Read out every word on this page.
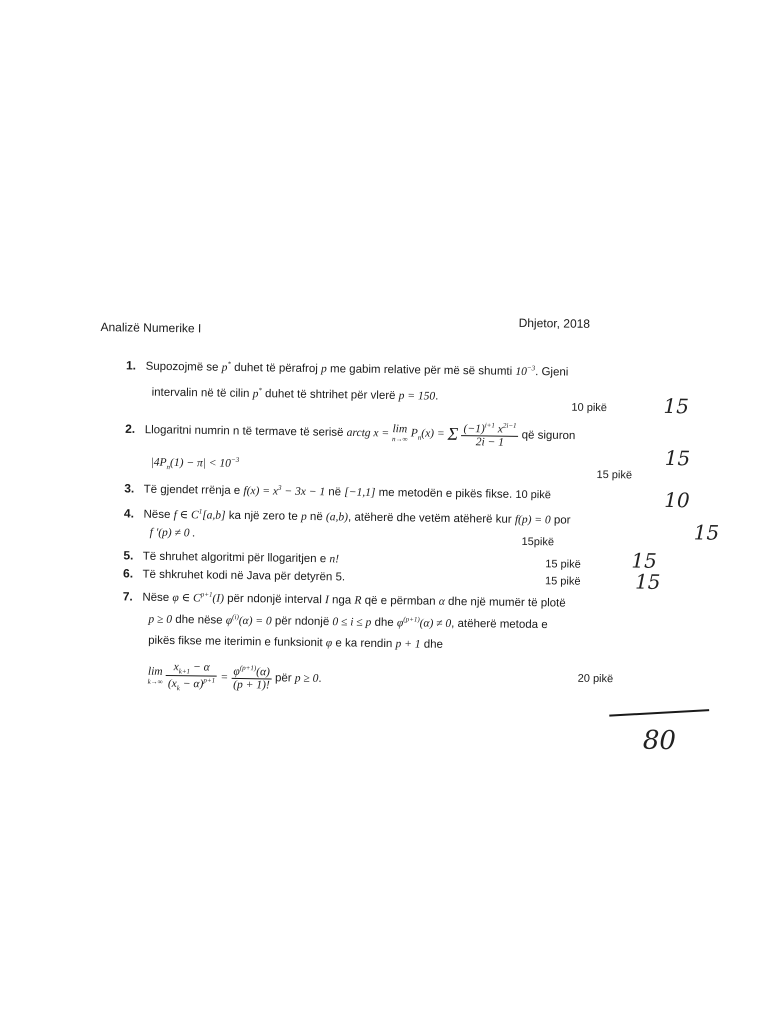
Dhjetor, 2018
Analizë Numerike I
1. Supozojmë se p* duhet të përafroj p me gabim relative për më së shumti $10^{-3}$. Gjeni
intervalin në të cilin p* duhet të shtrihet për vlerë p = 150.
10 pikë	15
2. Llogaritni numrin n të termave të serisë arctg x = lim
n→∞ $P_n(x) = \Sigma \frac{(-1)^{i+1} x^{2i-1}}{2i - 1}$ që siguron
$|4P_n(1) - \pi| < 10^{-3}$
15 pikë
15
3. Të gjendet rrënja e $f(x) = x^3 - 3x - 1$ në [−1,1] me metodën e pikës fikse. 10 pikë	10
4. Nëse f ∈ $C^1[a,b]$ ka një zero te p në (a,b), atëherë dhe vetëm atëherë kur f(p) = 0 por
f ′(p) ≠ 0 .
15pikë	15
5. Të shruhet algoritmi për llogaritjen e n!	15 pikë	15
6. Të shkruhet kodi në Java për detyrën 5.	15 pikë	15
7. Nëse φ ∈ $C^{p+1}(I)$ për ndonjë interval I nga R që e përmban α dhe një mumër të plotë
p ≥ 0 dhe nëse $\varphi^{(i)}(\alpha) = 0$ për ndonjë 0 ≤ i ≤ p dhe $\varphi^{(p+1)}(\alpha) \ne 0$, atëherë metoda e
pikës fikse me iterimin e funksionit φ e ka rendin p + 1 dhe
lim
k→∞
$\frac{x_{k+1} - \alpha}{(x_k - \alpha)^{p+1}} = \frac{\varphi^{(p+1)}(\alpha)}{(p + 1)!}$ për p ≥ 0.	20 pikë
80
